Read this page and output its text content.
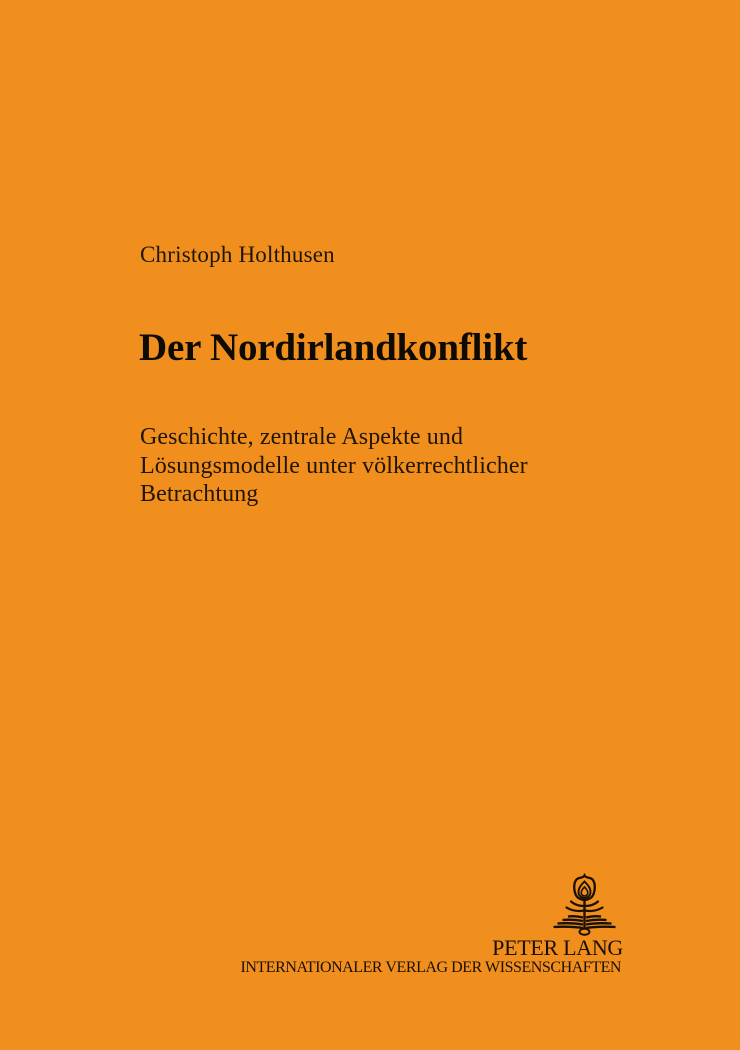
Christoph Holthusen
Der Nordirlandkonflikt
Geschichte, zentrale Aspekte und
Lösungsmodelle unter völkerrechtlicher
Betrachtung
PETER LANG
INTERNATIONALER VERLAG DER WISSENSCHAFTEN
